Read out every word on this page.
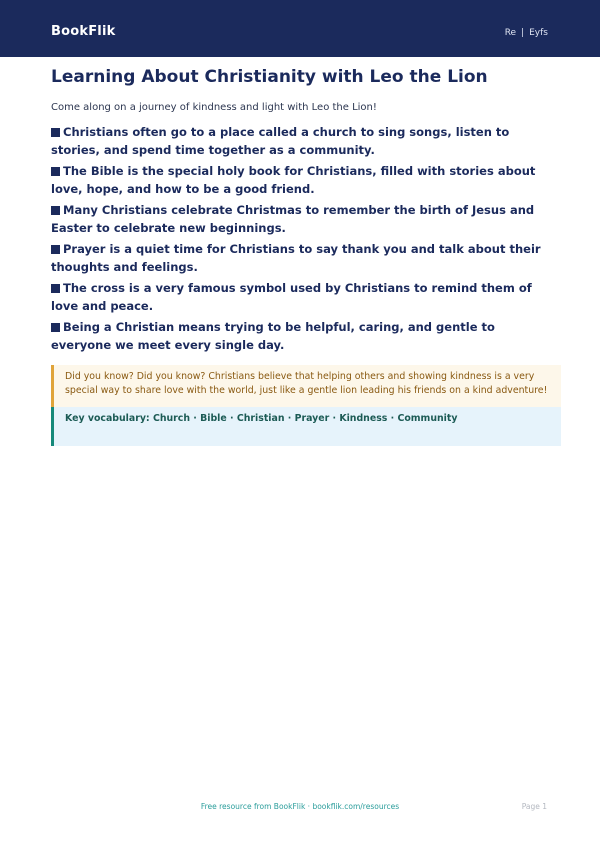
BookFlik	Re | Eyfs
Learning About Christianity with Leo the Lion
Come along on a journey of kindness and light with Leo the Lion!
Christians often go to a place called a church to sing songs, listen to stories, and spend time together as a community.
The Bible is the special holy book for Christians, filled with stories about love, hope, and how to be a good friend.
Many Christians celebrate Christmas to remember the birth of Jesus and Easter to celebrate new beginnings.
Prayer is a quiet time for Christians to say thank you and talk about their thoughts and feelings.
The cross is a very famous symbol used by Christians to remind them of love and peace.
Being a Christian means trying to be helpful, caring, and gentle to everyone we meet every single day.
Did you know? Did you know? Christians believe that helping others and showing kindness is a very special way to share love with the world, just like a gentle lion leading his friends on a kind adventure!
Key vocabulary: Church · Bible · Christian · Prayer · Kindness · Community
Free resource from BookFlik · bookflik.com/resources	Page 1
